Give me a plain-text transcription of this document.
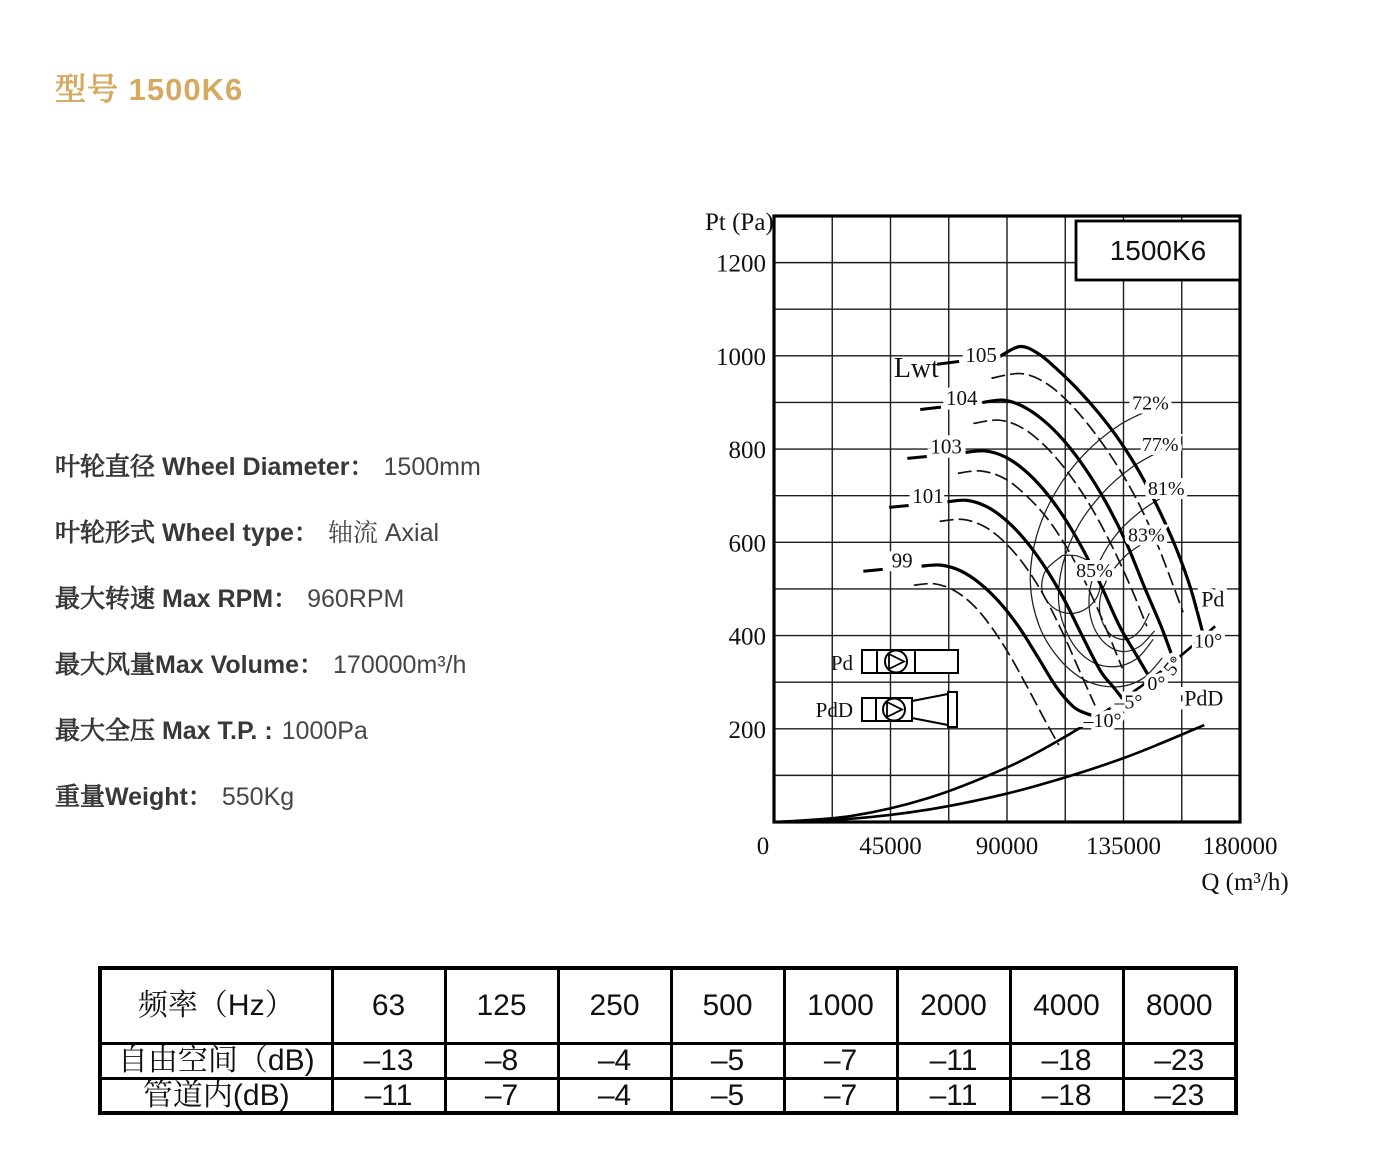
型号 1500K6
叶轮直径 Wheel Diameter： 1500mm
叶轮形式 Wheel type： 轴流 Axial
最大转速 Max RPM： 960RPM
最大风量Max Volume： 170000m³/h
最大全压 Max T.P. : 1000Pa
重量Weight： 550Kg
1500K6
Pd
PdD
0	45000 90000 135000 180000
200
400
600
800
1000
1200
Pt (Pa)
Q (m³/h)
Lwt 105
10°
104
5°
103
0°
101
–5°
99
–10°
72%
77%
81%
83%
85%
Pd
PdD
频率（Hz）	63	125	250	500	1000	2000	4000	8000
自由空间（dB)	–13	–8	–4	–5	–7	–11	–18	–23
管道内(dB)	–11	–7	–4	–5	–7	–11	–18	–23
